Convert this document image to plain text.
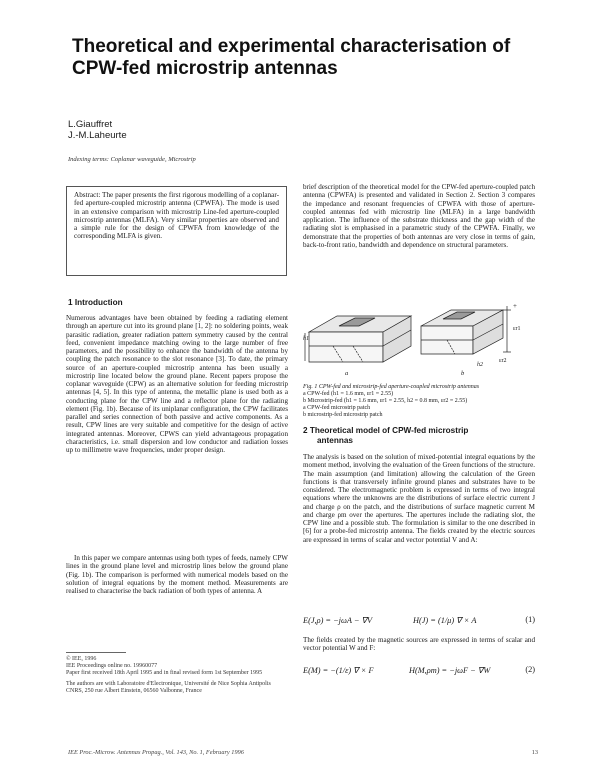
Theoretical and experimental characterisation of CPW-fed microstrip antennas
L.Giauffret
J.-M.Laheurte
Indexing terms: Coplanar waveguide, Microstrip
Abstract: The paper presents the first rigorous modelling of a coplanar-fed aperture-coupled microstrip antenna (CPWFA). The mode is used in an extensive comparison with microstrip Line-fed aperture-coupled microstrip antennas (MLFA). Very similar properties are observed and a simple rule for the design of CPWFA from knowledge of the corresponding MLFA is given.
1 Introduction
Numerous advantages have been obtained by feeding a radiating element through an aperture cut into its ground plane [1, 2]: no soldering points, weak parasitic radiation, greater radiation pattern symmetry caused by the central feed, convenient impedance matching owing to the large number of free parameters, and the possibility to enhance the bandwidth of the antenna by coupling the patch resonance to the slot resonance [3]. To date, the primary source of an aperture-coupled microstrip antenna has been usually a microstrip line located below the ground plane. Recent papers propose the coplanar waveguide (CPW) as an alternative solution for feeding microstrip antennas [4, 5]. In this type of antenna, the metallic plane is used both as a conducting plane for the CPW line and a reflector plane for the radiating element (Fig. 1b). Because of its uniplanar configuration, the CPW facilitates parallel and series connection of both passive and active components. As a result, CPW lines are very suitable and competitive for the design of active integrated antennas. Moreover, CPWS can yield advantageous propagation characteristics, i.e. small dispersion and low conductor and radiation losses up to millimetre wave frequencies, under proper design.
In this paper we compare antennas using both types of feeds, namely CPW lines in the ground plane level and microstrip lines below the ground plane (Fig. 1b). The comparison is performed with numerical models based on the solution of integral equations by the moment method. Measurements are realised to characterise the back radiation of both types of antenna. A
© IEE, 1996
IEE Proceedings online no. 19960077
Paper first received 18th April 1995 and in final revised form 1st September 1995
The authors are with Laboratoire d'Electronique, Université de Nice Sophia Antipolis CNRS, 250 rue Albert Einstein, 06560 Valbonne, France
brief description of the theoretical model for the CPW-fed aperture-coupled patch antenna (CPWFA) is presented and validated in Section 2. Section 3 compares the impedance and resonant frequencies of CPWFA with those of aperture-coupled antennas fed with microstrip line (MLFA) in a large bandwidth application. The influence of the substrate thickness and the gap width of the radiating slot is emphasised in a parametric study of the CPWFA. Finally, we demonstrate that the properties of both antennas are very close in terms of gain, back-to-front ratio, bandwidth and dependence on structural parameters.
h1
h2
εr1
εr2
+
a	b
Fig. 1 CPW-fed and microstrip-fed aperture-coupled microstrip antennas
a CPW-fed (h1 = 1.6 mm, εr1 = 2.55)
b Microstrip-fed (h1 = 1.6 mm, εr1 = 2.55, h2 = 0.8 mm, εr2 = 2.55)
a CPW-fed microstrip patch
b microstrip-fed microstrip patch
2 Theoretical model of CPW-fed microstrip
antennas
The analysis is based on the solution of mixed-potential integral equations by the moment method, involving the evaluation of the Green functions of the structure. The main assumption (and limitation) allowing the calculation of the Green functions is that transversely infinite ground planes and substrates have to be considered. The electromagnetic problem is expressed in terms of two integral equations where the unknowns are the distributions of surface electric current J and charge ρ on the patch, and the distributions of surface magnetic current M and charge ρm over the apertures. The apertures include the radiating slot, the CPW line and a possible stub. The formulation is similar to the one described in [6] for a probe-fed microstrip antenna. The fields created by the electric sources are expressed in terms of scalar and vector potential V and A:
E(J,ρ) = −jωA − ∇V	H(J) = (1/μ) ∇ × A	(1)
The fields created by the magnetic sources are expressed in terms of scalar and vector potential W and F:
E(M) = −(1/ε) ∇ × F	H(M,ρm) = −jωF − ∇W	(2)
IEE Proc.-Microw. Antennas Propag., Vol. 143, No. 1, February 1996	13
